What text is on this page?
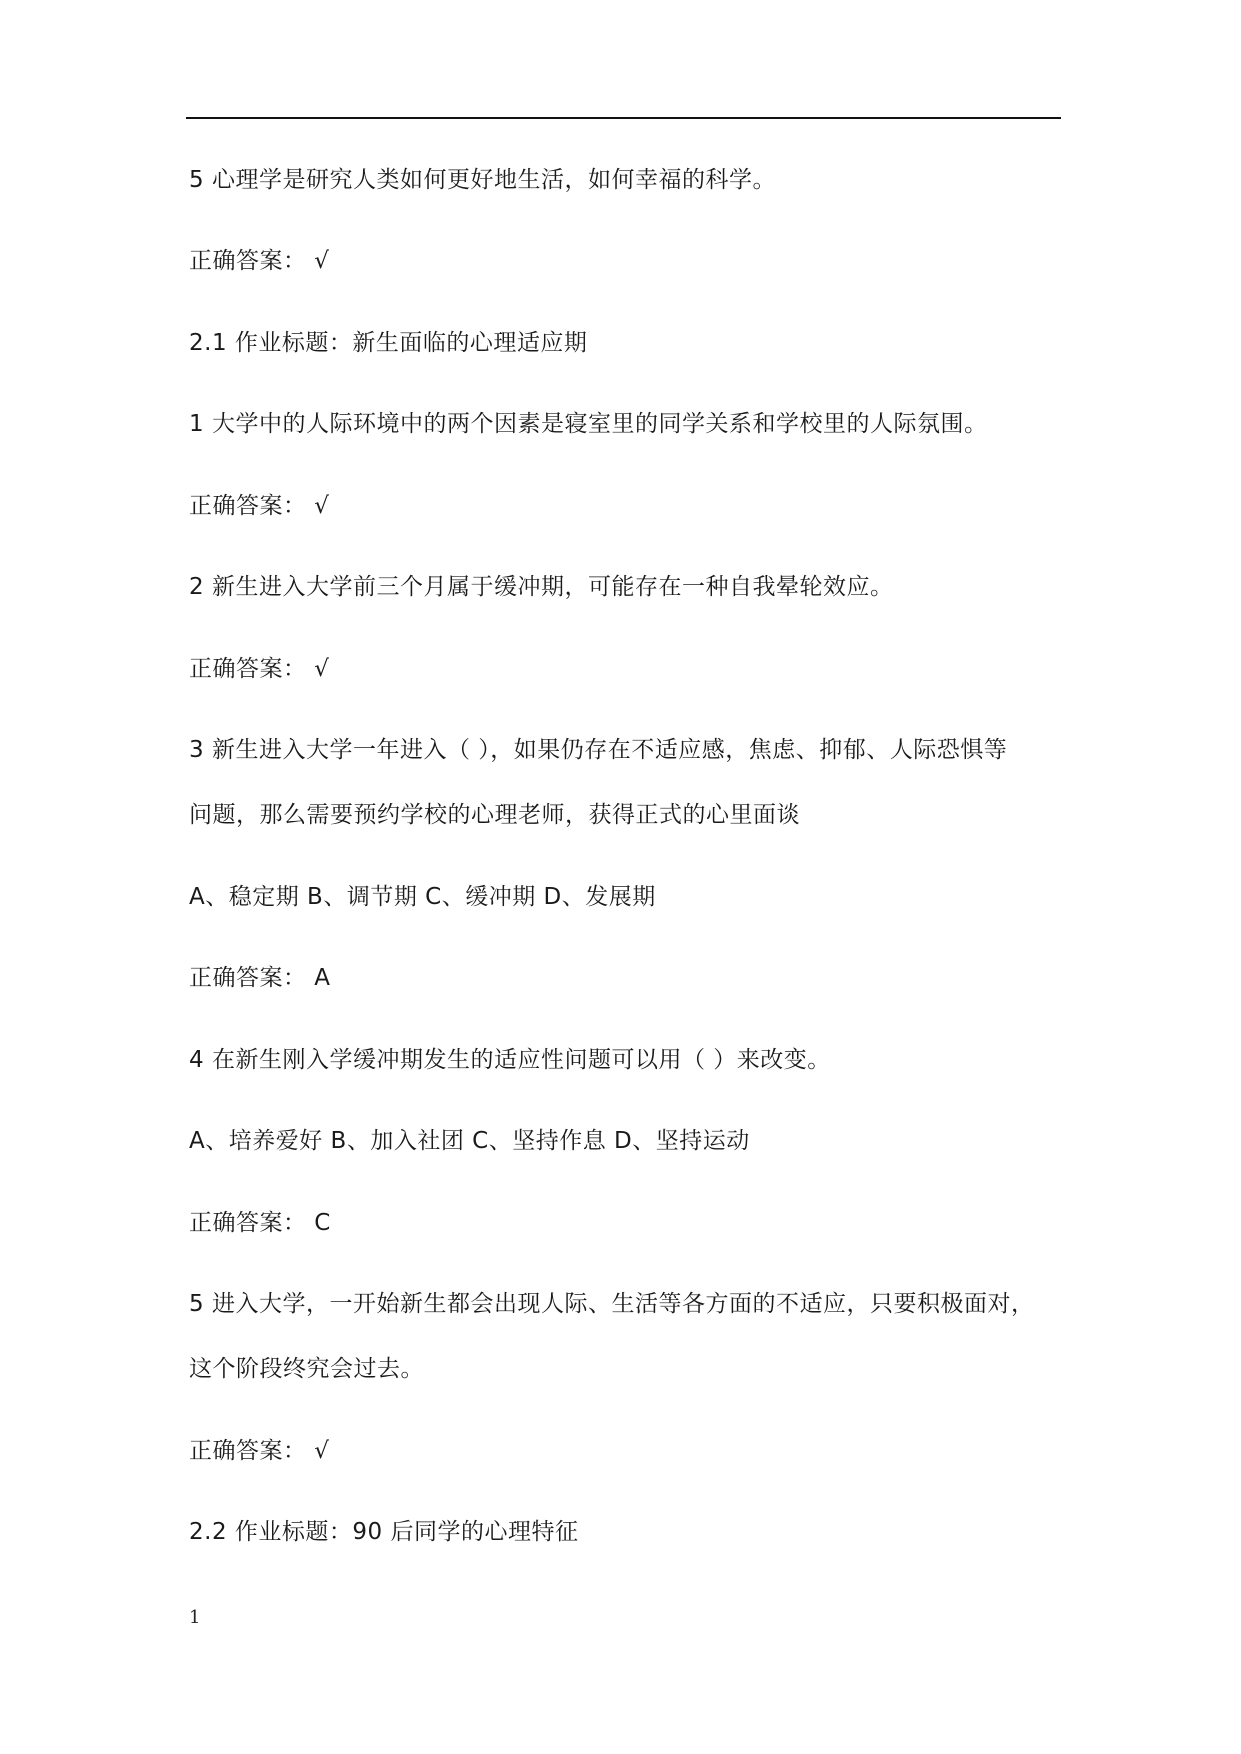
5 心理学是研究人类如何更好地生活，如何幸福的科学。
正确答案： √
2.1 作业标题：新生面临的心理适应期
1 大学中的人际环境中的两个因素是寝室里的同学关系和学校里的人际氛围。
正确答案： √
2 新生进入大学前三个月属于缓冲期，可能存在一种自我晕轮效应。
正确答案： √
3 新生进入大学一年进入（ ），如果仍存在不适应感，焦虑、抑郁、人际恐惧等
问题，那么需要预约学校的心理老师，获得正式的心里面谈
A、稳定期 B、调节期 C、缓冲期 D、发展期
正确答案： A
4 在新生刚入学缓冲期发生的适应性问题可以用（ ）来改变。
A、培养爱好 B、加入社团 C、坚持作息 D、坚持运动
正确答案： C
5 进入大学，一开始新生都会出现人际、生活等各方面的不适应，只要积极面对，
这个阶段终究会过去。
正确答案： √
2.2 作业标题：90 后同学的心理特征
1
